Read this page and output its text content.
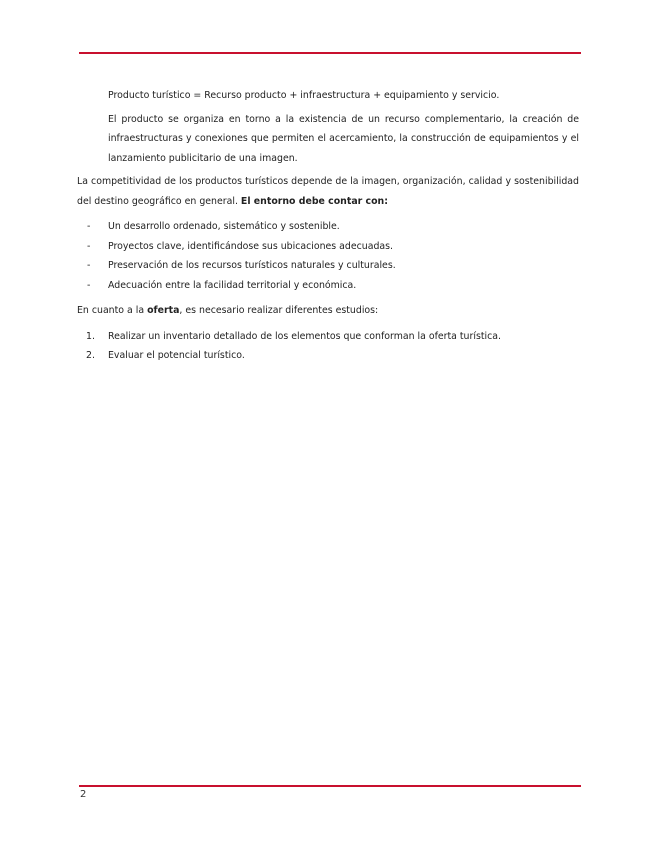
Producto turístico = Recurso producto + infraestructura + equipamiento y servicio.

El producto se organiza en torno a la existencia de un recurso complementario, la creación de infraestructuras y conexiones que permiten el acercamiento, la construcción de equipamientos y el lanzamiento publicitario de una imagen.

La competitividad de los productos turísticos depende de la imagen, organización, calidad y sostenibilidad del destino geográfico en general. El entorno debe contar con:

- Un desarrollo ordenado, sistemático y sostenible.
- Proyectos clave, identificándose sus ubicaciones adecuadas.
- Preservación de los recursos turísticos naturales y culturales.
- Adecuación entre la facilidad territorial y económica.

En cuanto a la oferta, es necesario realizar diferentes estudios:

1. Realizar un inventario detallado de los elementos que conforman la oferta turística.
2. Evaluar el potencial turístico.
2
